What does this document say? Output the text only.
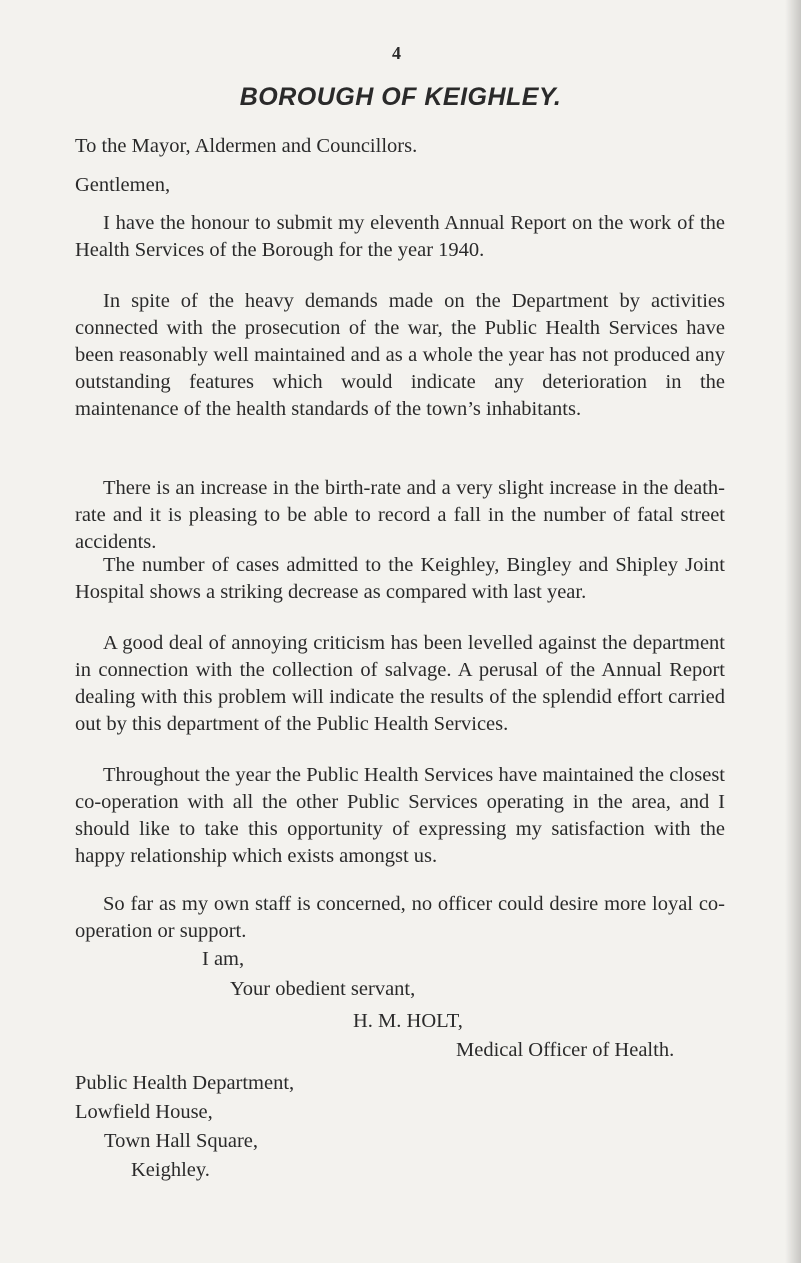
4
BOROUGH OF KEIGHLEY.
To the Mayor, Aldermen and Councillors.
Gentlemen,
I have the honour to submit my eleventh Annual Report on the work of the Health Services of the Borough for the year 1940.
In spite of the heavy demands made on the Department by activities connected with the prosecution of the war, the Public Health Services have been reasonably well maintained and as a whole the year has not produced any outstanding features which would indicate any deterioration in the maintenance of the health standards of the town’s inhabitants.
There is an increase in the birth-rate and a very slight increase in the death-rate and it is pleasing to be able to record a fall in the number of fatal street accidents.
The number of cases admitted to the Keighley, Bingley and Shipley Joint Hospital shows a striking decrease as compared with last year.
A good deal of annoying criticism has been levelled against the department in connection with the collection of salvage. A perusal of the Annual Report dealing with this problem will indicate the results of the splendid effort carried out by this department of the Public Health Services.
Throughout the year the Public Health Services have maintained the closest co-operation with all the other Public Services operating in the area, and I should like to take this opportunity of expressing my satisfaction with the happy relationship which exists amongst us.
So far as my own staff is concerned, no officer could desire more loyal co-operation or support.
I am,
Your obedient servant,
H. M. HOLT,
Medical Officer of Health.
Public Health Department,
Lowfield House,
Town Hall Square,
Keighley.
